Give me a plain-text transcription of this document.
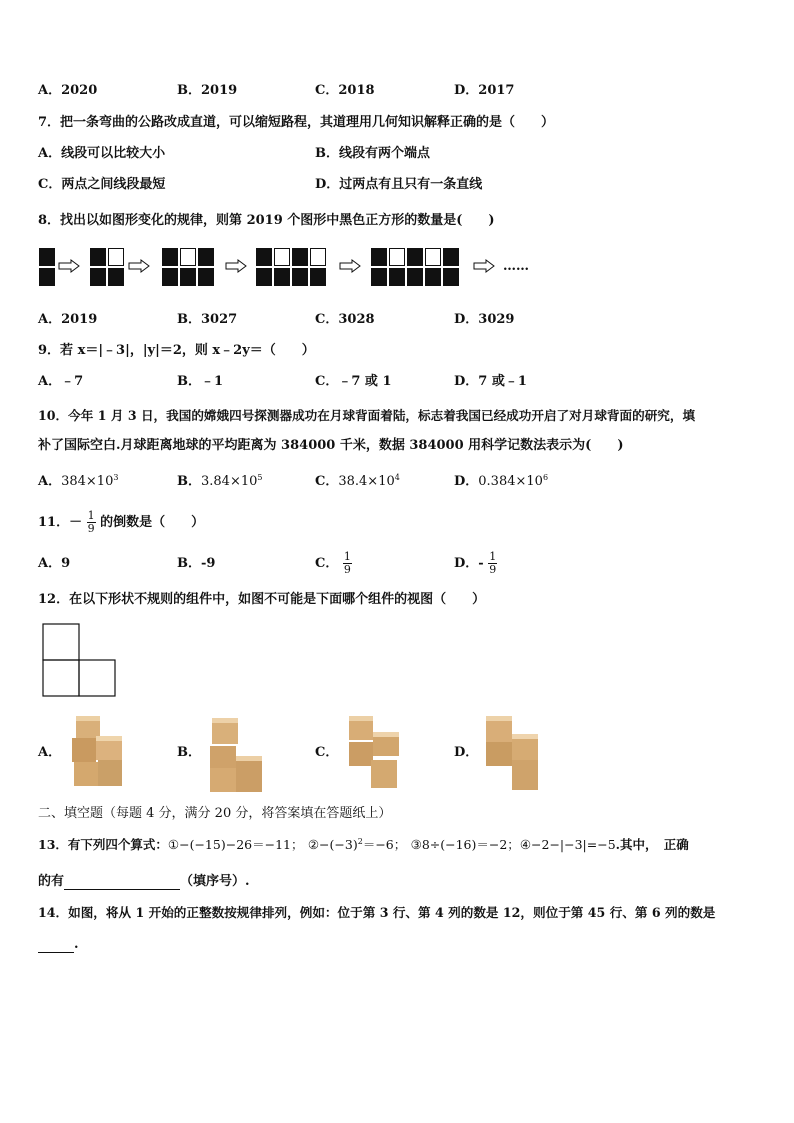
A．2020	B．2019	C．2018	D．2017
7．把一条弯曲的公路改成直道，可以缩短路程，其道理用几何知识解释正确的是（　　）
A．线段可以比较大小	B．线段有两个端点
C．两点之间线段最短	D．过两点有且只有一条直线
8．找出以如图形变化的规律，则第 2019 个图形中黑色正方形的数量是(　　)
……
A．2019	B．3027	C．3028	D．3029
9．若 x＝|﹣3|，|y|＝2，则 x﹣2y＝（　　）
A．﹣7	B．﹣1	C．﹣7 或 1	D．7 或﹣1
10．今年 1 月 3 日，我国的嫦娥四号探测器成功在月球背面着陆，标志着我国已经成功开启了对月球背面的研究，填
补了国际空白.月球距离地球的平均距离为 384000 千米，数据 384000 用科学记数法表示为(　　)
A．$384\times 10^3$	B．$3.84\times 10^5$	C．$38.4\times 10^4$	D．$0.384\times 10^6$
11．－ $\frac{1}{9}$ 的倒数是（　　）
A．9	B．-9	C． $\frac{1}{9}$	D．- $\frac{1}{9}$
12．在以下形状不规则的组件中，如图不可能是下面哪个组件的视图（　　）
A．	B．	C．	D．
二、填空题（每题 4 分，满分 20 分，将答案填在答题纸上）
13．有下列四个算式：①−(−15)−26＝−11； $②-(-3)^2=-6$； ③8÷(−16)＝−2；④−2−|−3|=−5.其中，　正确
的有	（填序号）.
14．如图，将从 1 开始的正整数按规律排列，例如：位于第 3 行、第 4 列的数是 12，则位于第 45 行、第 6 列的数是
.
